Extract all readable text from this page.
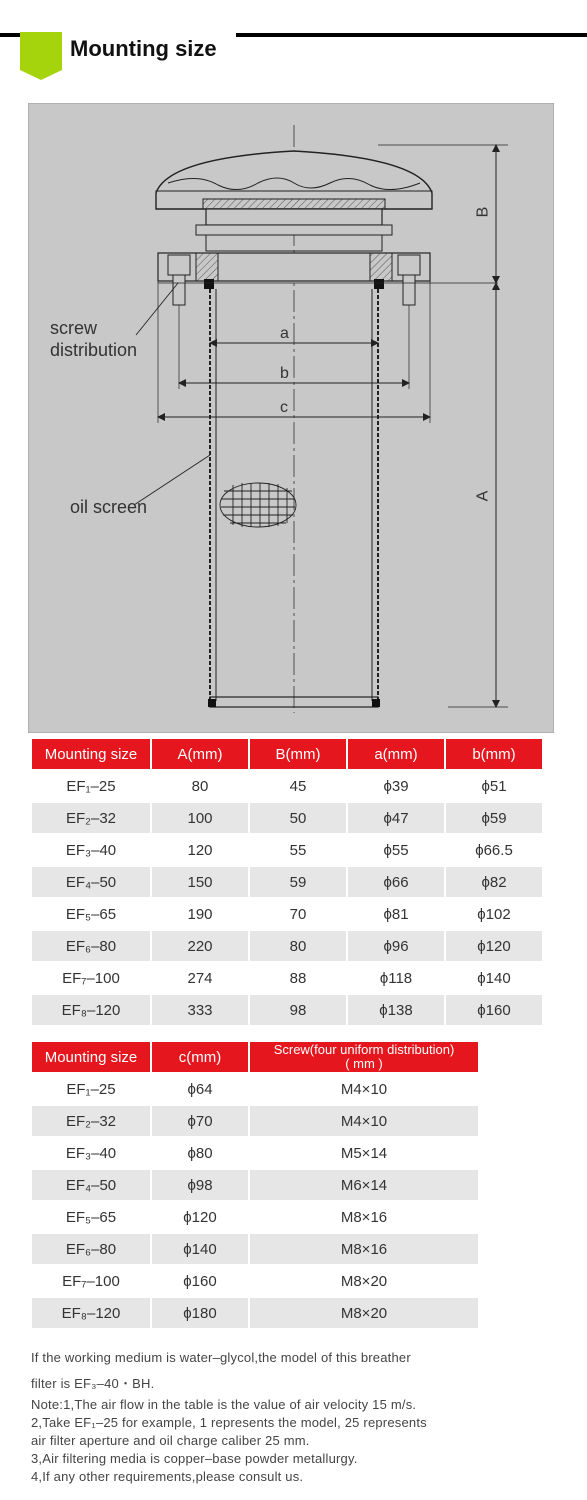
Mounting size
screw
distribution
oil screen
a
b
c
A
B
Mounting size	A(mm)	B(mm)	a(mm)	b(mm)
EF₁–25	80	45	ϕ39	ϕ51
EF₂–32	100	50	ϕ47	ϕ59
EF₃–40	120	55	ϕ55	ϕ66.5
EF₄–50	150	59	ϕ66	ϕ82
EF₅–65	190	70	ϕ81	ϕ102
EF₆–80	220	80	ϕ96	ϕ120
EF₇–100	274	88	ϕ118	ϕ140
EF₈–120	333	98	ϕ138	ϕ160
Mounting size	c(mm)	Screw(four uniform distribution)
( mm )

EF₁–25	ϕ64	M4×10
EF₂–32	ϕ70	M4×10
EF₃–40	ϕ80	M5×14
EF₄–50	ϕ98	M6×14
EF₅–65	ϕ120	M8×16
EF₆–80	ϕ140	M8×16
EF₇–100	ϕ160	M8×20
EF₈–120	ϕ180	M8×20
If the working medium is water–glycol,the model of this breather
filter is EF₃–40・BH.
Note:1,The air flow in the table is the value of air velocity 15 m/s.
2,Take EF₁–25 for example, 1 represents the model, 25 represents
air filter aperture and oil charge caliber 25 mm.
3,Air filtering media is copper–base powder metallurgy.
4,If any other requirements,please consult us.
